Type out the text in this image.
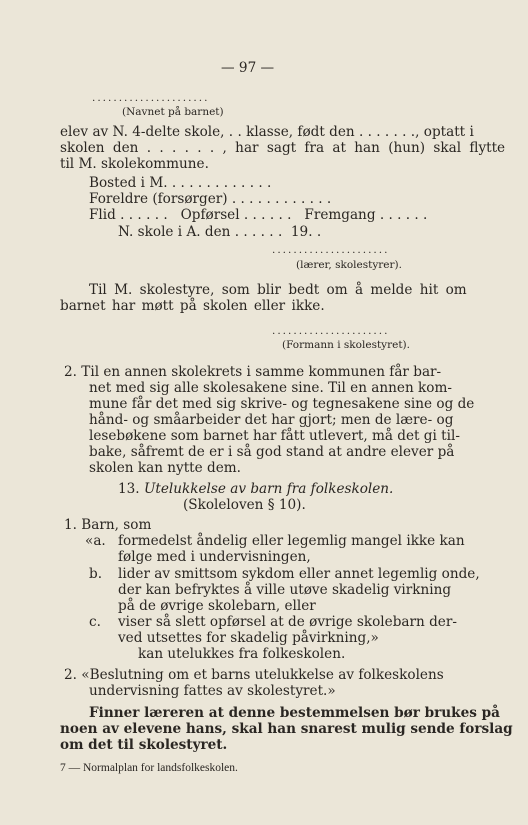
— 97 —
......................
(Navnet på barnet)
elev av N. 4-delte skole, . . klasse, født den . . . . . . ., optatt i
skolen den . . . . . . , har sagt fra at han (hun) skal flytte
til M. skolekommune.
Bosted i M. . . . . . . . . . . . .
Foreldre (forsørger) . . . . . . . . . . . .
Flid . . . . . .   Opførsel . . . . . .   Fremgang . . . . . .
N. skole i A. den . . . . . .  19. .
......................
(lærer, skolestyrer).
Til M. skolestyre, som blir bedt om å melde hit om
barnet har møtt på skolen eller ikke.
......................
(Formann i skolestyret).
2. Til en annen skolekrets i samme kommunen får bar-
net med sig alle skolesakene sine. Til en annen kom-
mune får det med sig skrive- og tegnesakene sine og de
hånd- og småarbeider det har gjort; men de lære- og
lesebøkene som barnet har fått utlevert, må det gi til-
bake, såfremt de er i så god stand at andre elever på
skolen kan nytte dem.
13. Utelukkelse av barn fra folkeskolen.
(Skoleloven § 10).
1. Barn, som
«a. formedelst åndelig eller legemlig mangel ikke kan
følge med i undervisningen,
b. lider av smittsom sykdom eller annet legemlig onde,
der kan befryktes å ville utøve skadelig virkning
på de øvrige skolebarn, eller
c. viser så slett opførsel at de øvrige skolebarn der-
ved utsettes for skadelig påvirkning,»
kan utelukkes fra folkeskolen.
2. «Beslutning om et barns utelukkelse av folkeskolens
undervisning fattes av skolestyret.»
Finner læreren at denne bestemmelsen bør brukes på
noen av elevene hans, skal han snarest mulig sende forslag
om det til skolestyret.
7 — Normalplan for landsfolkeskolen.
